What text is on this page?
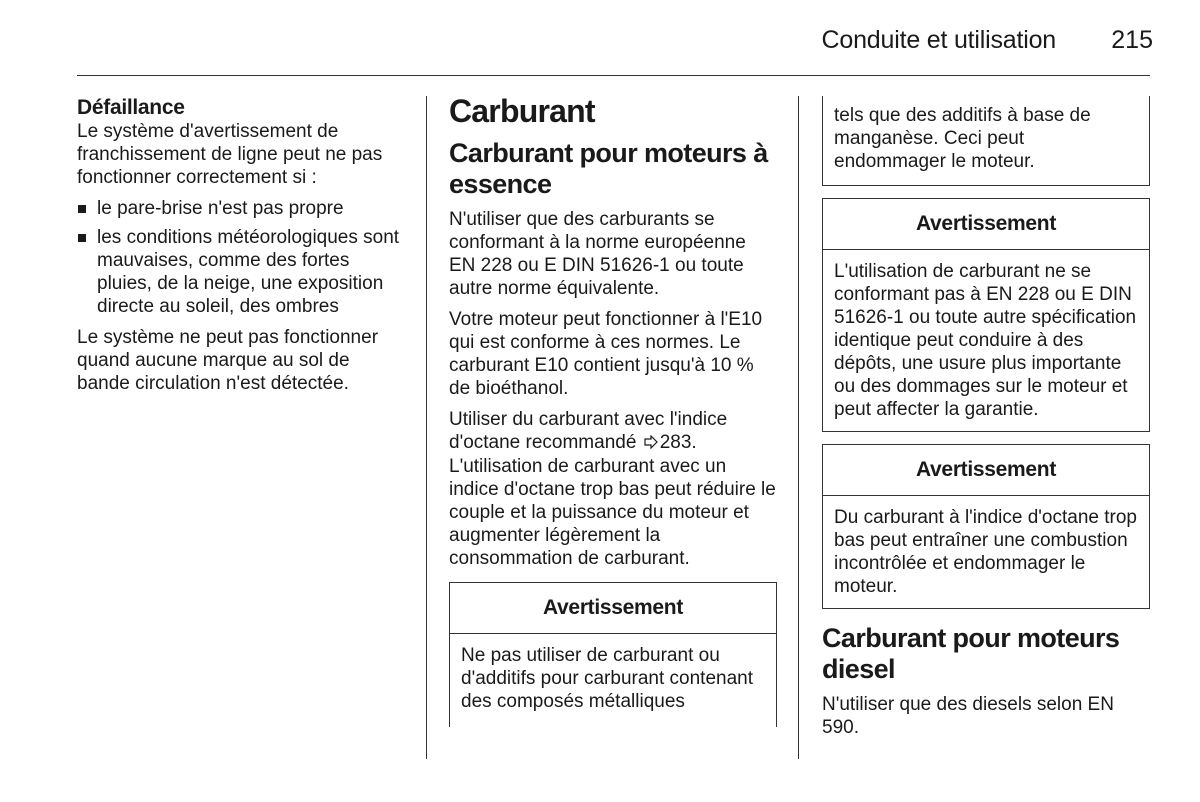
Conduite et utilisation	215
Défaillance

Le système d'avertissement de franchissement de ligne peut ne pas fonctionner correctement si :

le pare-brise n'est pas propre
les conditions météorologiques sont mauvaises, comme des fortes pluies, de la neige, une exposition directe au soleil, des ombres

Le système ne peut pas fonctionner quand aucune marque au sol de bande circulation n'est détectée.

Carburant
Carburant pour moteurs à essence

N'utiliser que des carburants se conformant à la norme européenne EN 228 ou E DIN 51626-1 ou toute autre norme équivalente.

Votre moteur peut fonctionner à l'E10 qui est conforme à ces normes. Le carburant E10 contient jusqu'à 10 % de bioéthanol.

Utiliser du carburant avec l'indice d'octane recommandé 283. L'utilisation de carburant avec un indice d'octane trop bas peut réduire le couple et la puissance du moteur et augmenter légèrement la consommation de carburant.

Avertissement
Ne pas utiliser de carburant ou d'additifs pour carburant contenant des composés métalliques
tels que des additifs à base de manganèse. Ceci peut endommager le moteur.
Avertissement
L'utilisation de carburant ne se conformant pas à EN 228 ou E DIN 51626-1 ou toute autre spécification identique peut conduire à des dépôts, une usure plus importante ou des dommages sur le moteur et peut affecter la garantie.
Avertissement
Du carburant à l'indice d'octane trop bas peut entraîner une combustion incontrôlée et endommager le moteur.
Carburant pour moteurs diesel

N'utiliser que des diesels selon EN 590.
